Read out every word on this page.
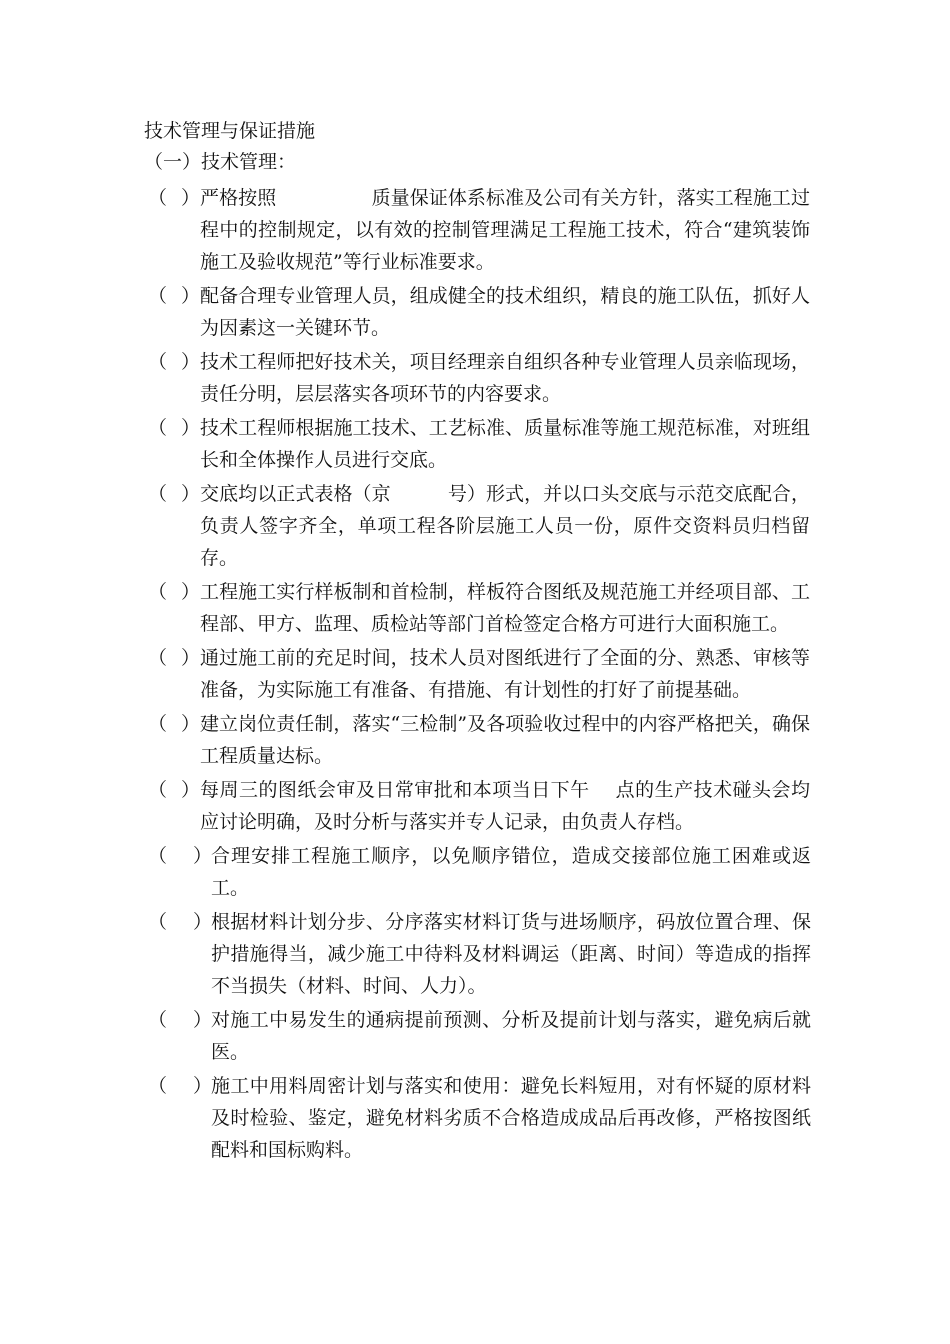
技术管理与保证措施
（一）技术管理：
（ ）
严格按照　　　　　质量保证体系标准及公司有关方针，落实工程施工过程中的控制规定，以有效的控制管理满足工程施工技术，符合“建筑装饰施工及验收规范”等行业标准要求。
（ ）
配备合理专业管理人员，组成健全的技术组织，精良的施工队伍，抓好人为因素这一关键环节。
（ ）
技术工程师把好技术关，项目经理亲自组织各种专业管理人员亲临现场，责任分明，层层落实各项环节的内容要求。
（ ）
技术工程师根据施工技术、工艺标准、质量标准等施工规范标准，对班组长和全体操作人员进行交底。
（ ）
交底均以正式表格（京　　　号）形式，并以口头交底与示范交底配合，负责人签字齐全，单项工程各阶层施工人员一份，原件交资料员归档留存。
（ ）
工程施工实行样板制和首检制，样板符合图纸及规范施工并经项目部、工程部、甲方、监理、质检站等部门首检签定合格方可进行大面积施工。
（ ）
通过施工前的充足时间，技术人员对图纸进行了全面的分、熟悉、审核等准备，为实际施工有准备、有措施、有计划性的打好了前提基础。
（ ）
建立岗位责任制，落实“三检制”及各项验收过程中的内容严格把关，确保工程质量达标。
（ ）
每周三的图纸会审及日常审批和本项当日下午　 点的生产技术碰头会均应讨论明确，及时分析与落实并专人记录，由负责人存档。
（ ）
合理安排工程施工顺序，以免顺序错位，造成交接部位施工困难或返工。
（ ）
根据材料计划分步、分序落实材料订货与进场顺序，码放位置合理、保护措施得当，减少施工中待料及材料调运（距离、时间）等造成的指挥不当损失（材料、时间、人力）。
（ ）
对施工中易发生的通病提前预测、分析及提前计划与落实，避免病后就医。
（ ）
施工中用料周密计划与落实和使用：避免长料短用，对有怀疑的原材料及时检验、鉴定，避免材料劣质不合格造成成品后再改修，严格按图纸配料和国标购料。
